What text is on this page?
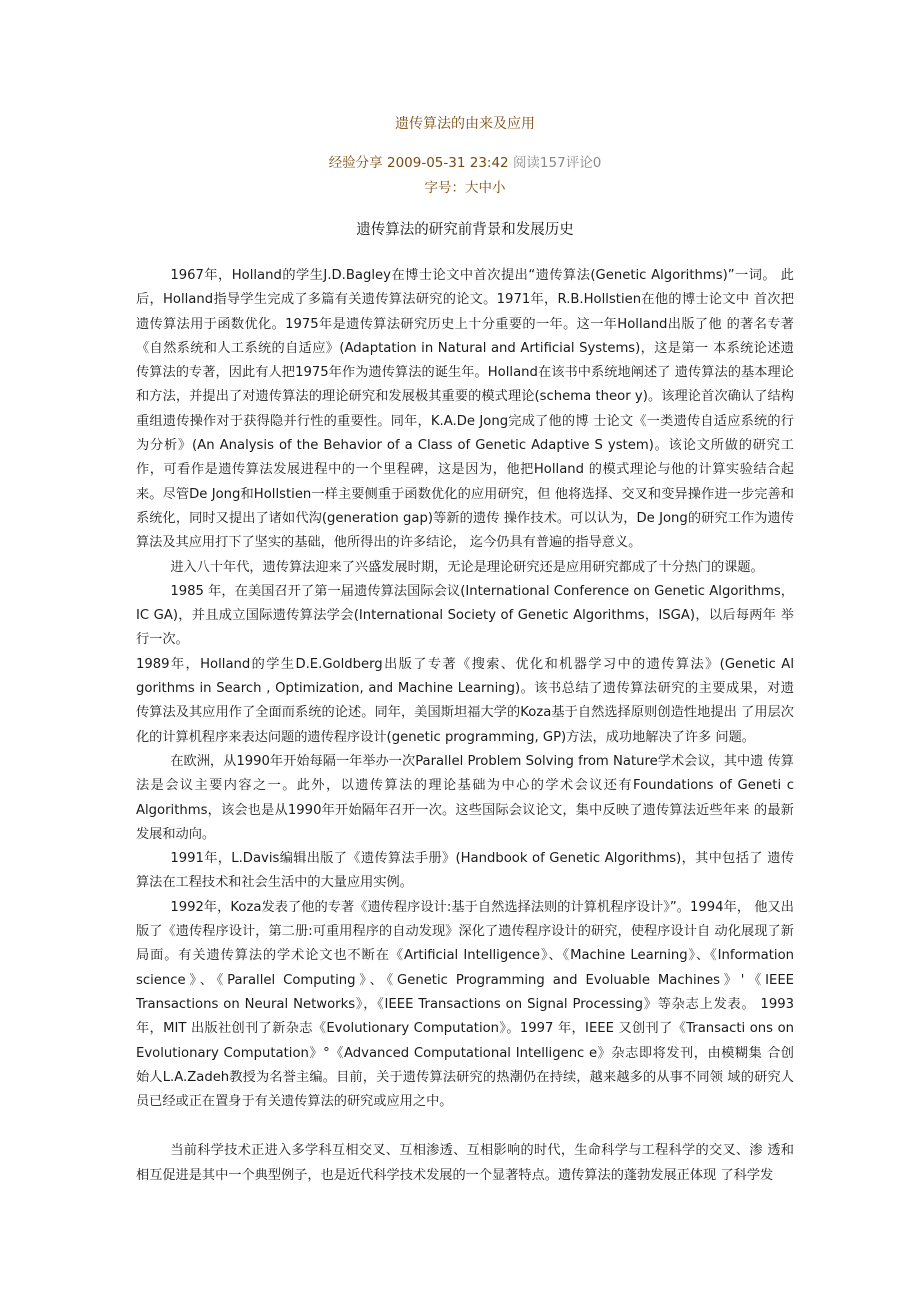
遗传算法的由来及应用
经验分享 2009-05-31 23:42 阅读157评论0
字号：大中小
遗传算法的研究前背景和发展历史

1967年，Holland的学生J.D.Bagley在博士论文中首次提出“遗传算法(Genetic Algorithms)”一词。 此后，Holland指导学生完成了多篇有关遗传算法研究的论文。1971年，R.B.Hollstien在他的博士论文中 首次把遗传算法用于函数优化。1975年是遗传算法研究历史上十分重要的一年。这一年Holland出版了他 的著名专著《自然系统和人工系统的自适应》(Adaptation in Natural and Artificial Systems)，这是第一 本系统论述遗传算法的专著，因此有人把1975年作为遗传算法的诞生年。Holland在该书中系统地阐述了 遗传算法的基本理论和方法，并提出了对遗传算法的理论研究和发展极其重要的模式理论(schema theor y)。该理论首次确认了结构重组遗传操作对于获得隐并行性的重要性。同年，K.A.De Jong完成了他的博 士论文《一类遗传自适应系统的行为分析》(An Analysis of the Behavior of a Class of Genetic Adaptive S ystem)。该论文所做的研究工作，可看作是遗传算法发展进程中的一个里程碑，这是因为，他把Holland 的模式理论与他的计算实验结合起来。尽管De Jong和Hollstien一样主要侧重于函数优化的应用研究，但 他将选择、交叉和变异操作进一步完善和系统化，同时又提出了诸如代沟(generation gap)等新的遗传 操作技术。可以认为，De Jong的研究工作为遗传算法及其应用打下了坚实的基础，他所得出的许多结论， 迄今仍具有普遍的指导意义。

进入八十年代，遗传算法迎来了兴盛发展时期，无论是理论研究还是应用研究都成了十分热门的课题。

1985 年，在美国召开了第一届遗传算法国际会议(International Conference on Genetic Algorithms，IC GA)，并且成立国际遗传算法学会(International Society of Genetic Algorithms，ISGA)，以后每两年 举行一次。

1989年，Holland的学生D.E.Goldberg出版了专著《搜索、优化和机器学习中的遗传算法》(Genetic Al gorithms in Search , Optimization, and Machine Learning)。该书总结了遗传算法研究的主要成果，对遗 传算法及其应用作了全面而系统的论述。同年，美国斯坦福大学的Koza基于自然选择原则创造性地提出 了用层次化的计算机程序来表达问题的遗传程序设计(genetic programming, GP)方法，成功地解决了许多 问题。

在欧洲，从1990年开始每隔一年举办一次Parallel Problem Solving from Nature学术会议，其中遗 传算法是会议主要内容之一。此外，以遗传算法的理论基础为中心的学术会议还有Foundations of Geneti c Algorithms，该会也是从1990年开始隔年召开一次。这些国际会议论文，集中反映了遗传算法近些年来 的最新发展和动向。

1991年，L.Davis编辑出版了《遗传算法手册》(Handbook of Genetic Algorithms)，其中包括了 遗传算法在工程技术和社会生活中的大量应用实例。

1992年，Koza发表了他的专著《遗传程序设计:基于自然选择法则的计算机程序设计》”。1994年， 他又出版了《遗传程序设计，第二册:可重用程序的自动发现》深化了遗传程序设计的研究，使程序设计自 动化展现了新局面。有关遗传算法的学术论文也不断在《Artificial Intelligence》、《Machine Learning》、《Information science》、《Parallel Computing》、《Genetic Programming and Evoluable Machines》'《IEEE Transactions on Neural Networks》，《IEEE Transactions on Signal Processing》等杂志上发表。 1993 年，MIT 出版社创刊了新杂志《Evolutionary Computation》。1997 年，IEEE 又创刊了《Transacti ons on Evolutionary Computation》°《Advanced Computational Intelligenc e》杂志即将发刊，由模糊集 合创始人L.A.Zadeh教授为名誉主编。目前，关于遗传算法研究的热潮仍在持续，越来越多的从事不同领 域的研究人员已经或正在置身于有关遗传算法的研究或应用之中。

当前科学技术正进入多学科互相交叉、互相渗透、互相影响的时代，生命科学与工程科学的交叉、渗 透和相互促进是其中一个典型例子，也是近代科学技术发展的一个显著特点。遗传算法的蓬勃发展正体现 了科学发
